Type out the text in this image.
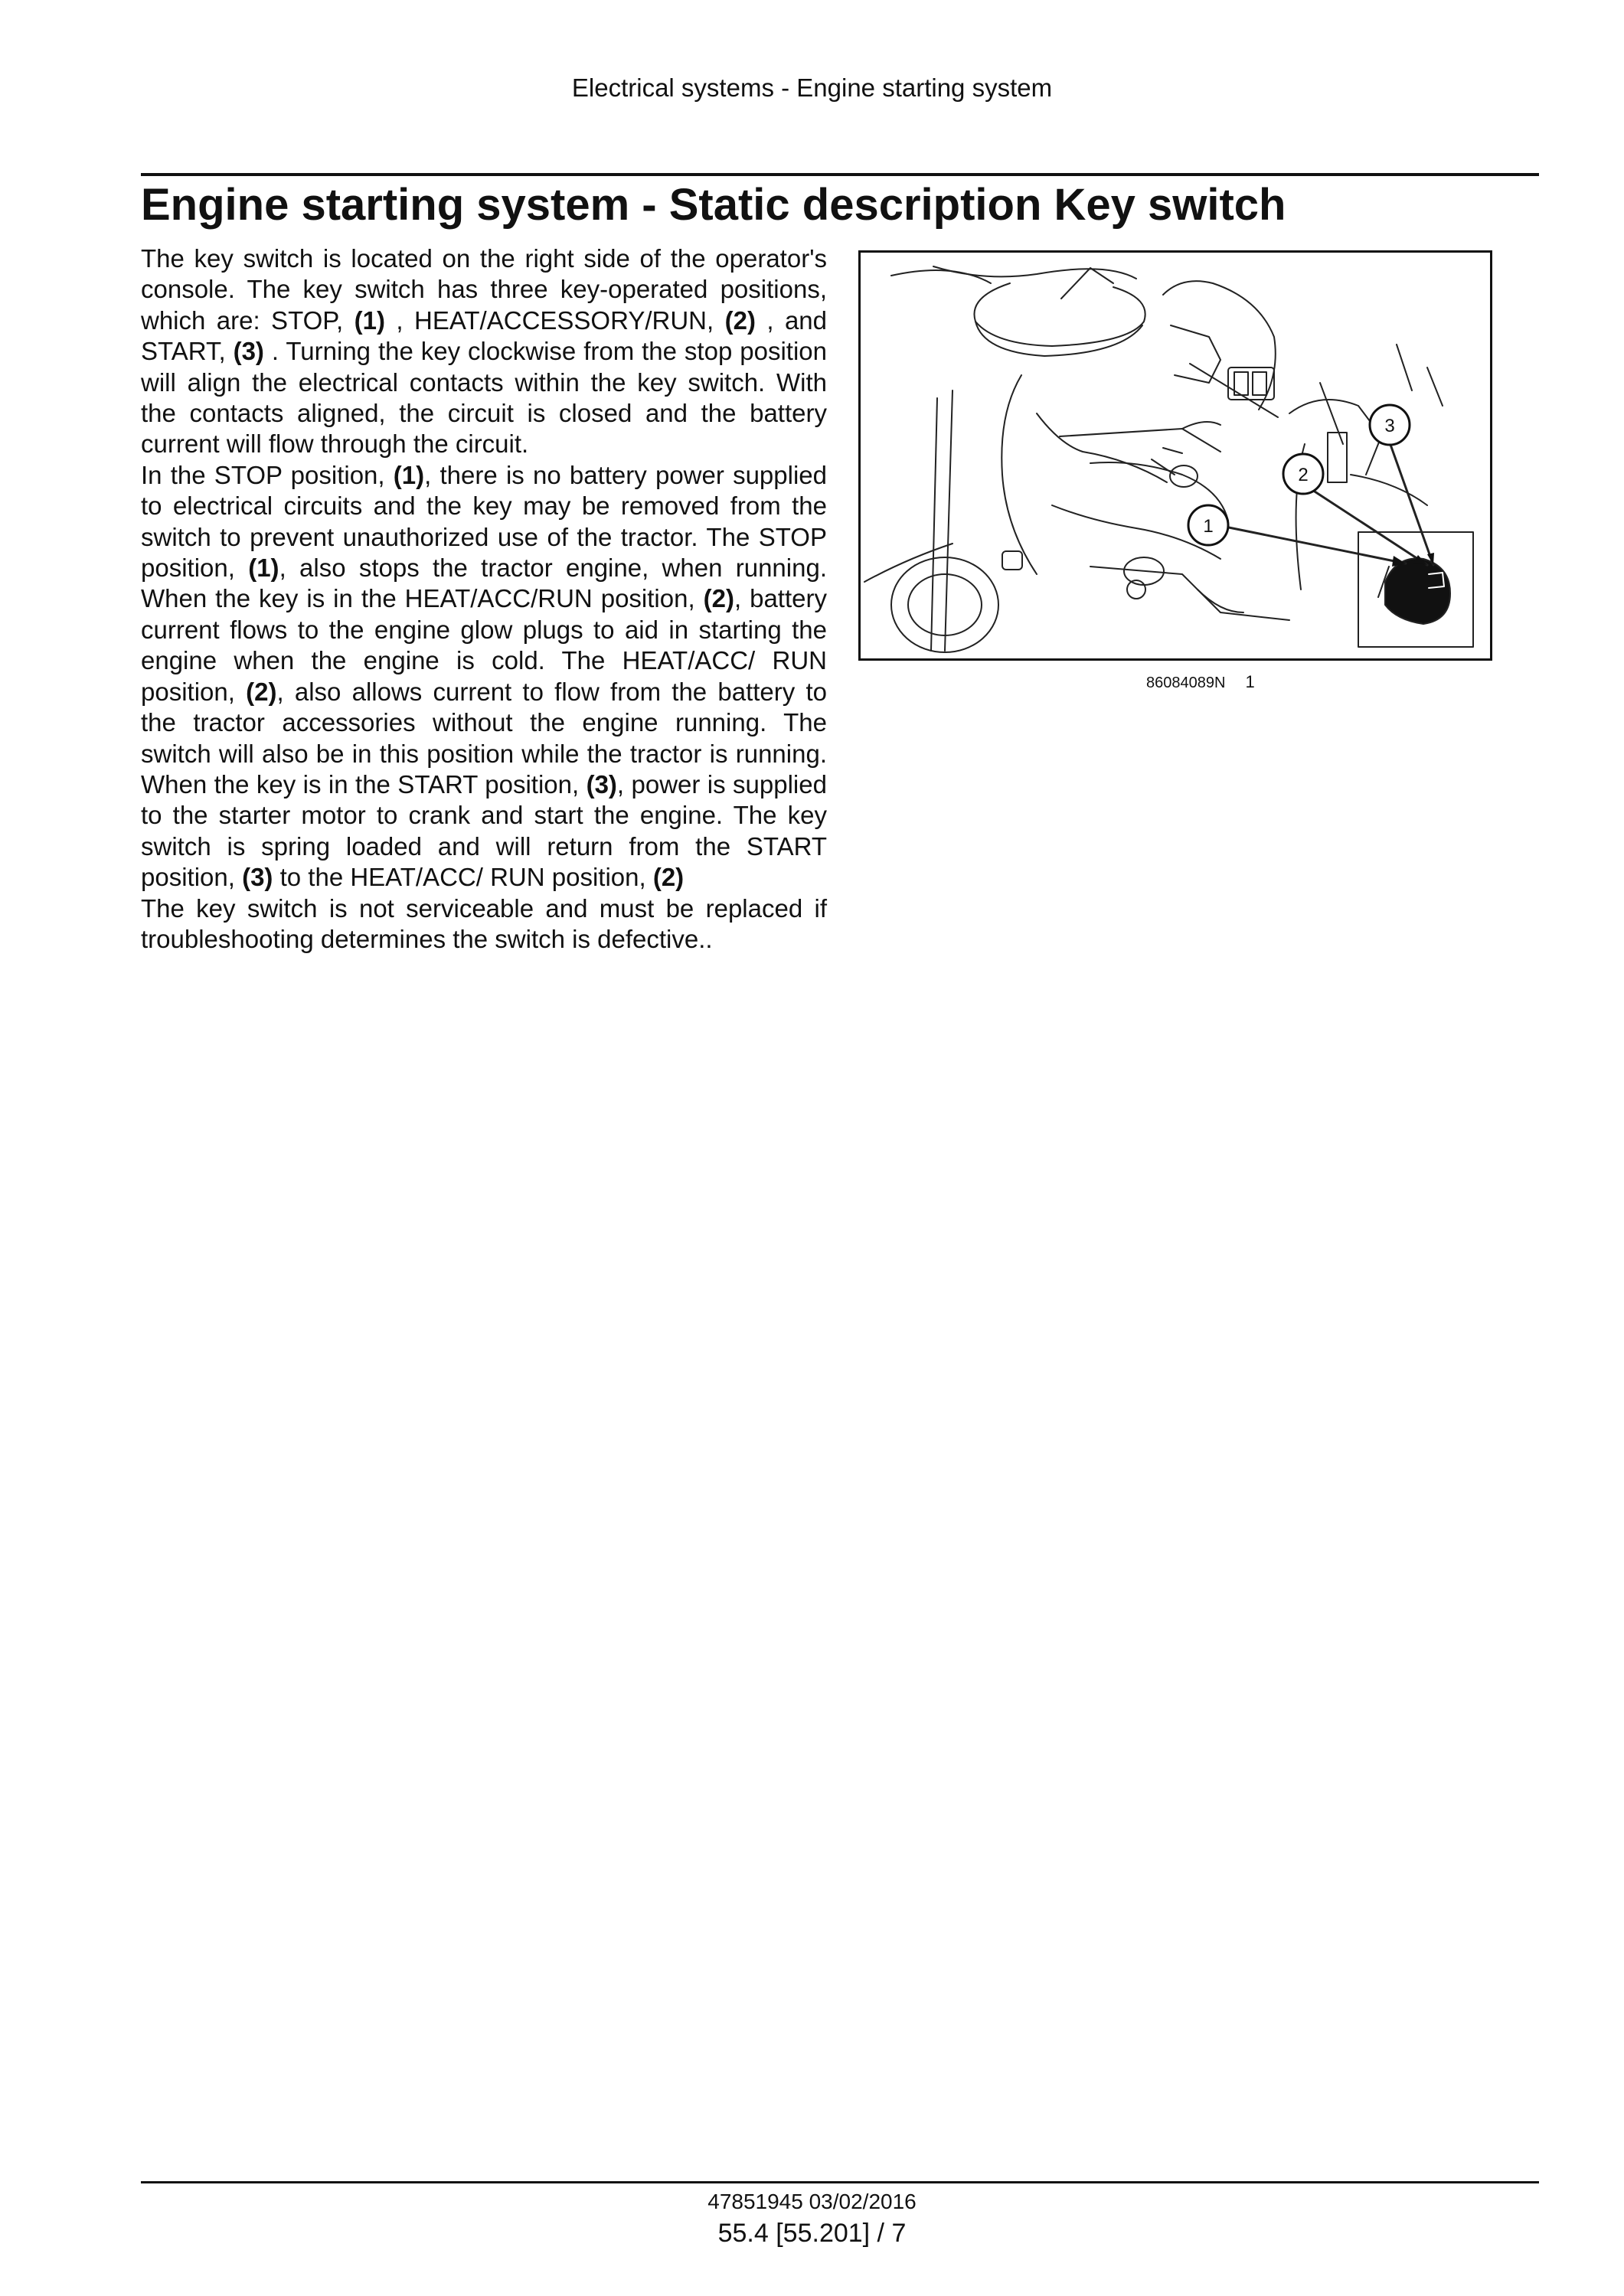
Electrical systems - Engine starting system
Engine starting system - Static description Key switch

The key switch is located on the right side of the operator's console. The key switch has three key-operated positions, which are: STOP, (1) , HEAT/ACCESSORY/RUN, (2) , and START, (3) . Turning the key clockwise from the stop position will align the electrical contacts within the key switch. With the contacts aligned, the circuit is closed and the battery current will flow through the circuit.

In the STOP position, (1), there is no battery power supplied to electrical circuits and the key may be removed from the switch to prevent unauthorized use of the tractor. The STOP position, (1), also stops the tractor engine, when running. When the key is in the HEAT/ACC/RUN position, (2), battery current flows to the engine glow plugs to aid in starting the engine when the engine is cold. The HEAT/ACC/ RUN position, (2), also allows current to flow from the battery to the tractor accessories without the engine running. The switch will also be in this position while the tractor is running. When the key is in the START position, (3), power is supplied to the starter motor to crank and start the engine. The key switch is spring loaded and will return from the START position, (3) to the HEAT/ACC/ RUN position, (2)

The key switch is not serviceable and must be replaced if troubleshooting determines the switch is defective..

1
2
3
86084089N 1
47851945 03/02/2016
55.4 [55.201] / 7
